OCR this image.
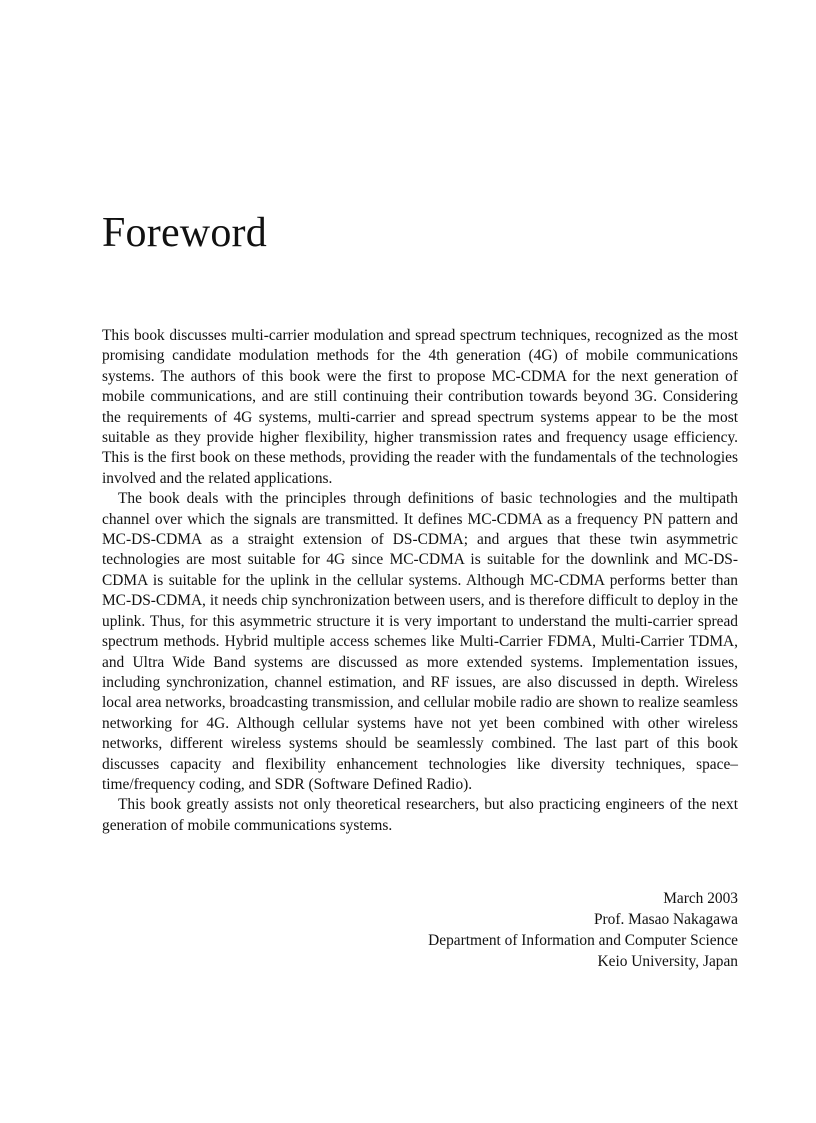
Foreword

This book discusses multi-carrier modulation and spread spectrum techniques, recognized as the most promising candidate modulation methods for the 4th generation (4G) of mobile communications systems. The authors of this book were the first to propose MC-CDMA for the next generation of mobile communications, and are still continuing their contribution towards beyond 3G. Considering the requirements of 4G systems, multi-carrier and spread spectrum systems appear to be the most suitable as they provide higher flexibility, higher transmission rates and frequency usage efficiency. This is the first book on these methods, providing the reader with the fundamentals of the technologies involved and the related applications.

The book deals with the principles through definitions of basic technologies and the multipath channel over which the signals are transmitted. It defines MC-CDMA as a frequency PN pattern and MC-DS-CDMA as a straight extension of DS-CDMA; and argues that these twin asymmetric technologies are most suitable for 4G since MC-CDMA is suitable for the downlink and MC-DS-CDMA is suitable for the uplink in the cellular systems. Although MC-CDMA performs better than MC-DS-CDMA, it needs chip synchronization between users, and is therefore difficult to deploy in the uplink. Thus, for this asymmetric structure it is very important to understand the multi-carrier spread spectrum methods. Hybrid multiple access schemes like Multi-Carrier FDMA, Multi-Carrier TDMA, and Ultra Wide Band systems are discussed as more extended systems. Implementation issues, including synchronization, channel estimation, and RF issues, are also discussed in depth. Wireless local area networks, broadcasting transmission, and cellular mobile radio are shown to realize seamless networking for 4G. Although cellular systems have not yet been combined with other wireless networks, different wireless systems should be seamlessly combined. The last part of this book discusses capacity and flexibility enhancement technologies like diversity techniques, space–time/frequency coding, and SDR (Software Defined Radio).

This book greatly assists not only theoretical researchers, but also practicing engineers of the next generation of mobile communications systems.

March 2003
Prof. Masao Nakagawa
Department of Information and Computer Science
Keio University, Japan
